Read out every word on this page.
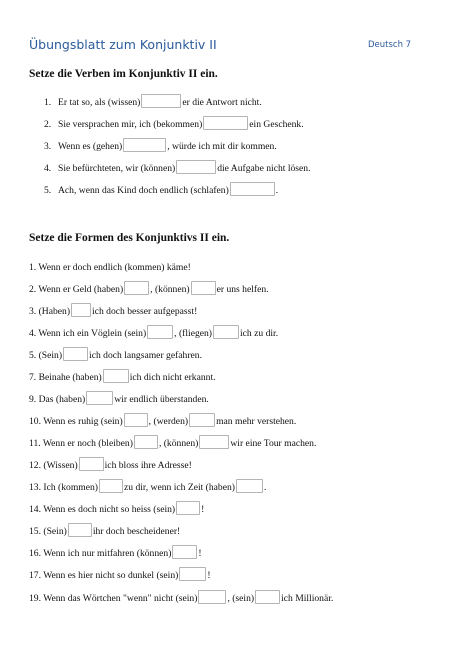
Übungsblatt zum Konjunktiv II	Deutsch 7
Setze die Verben im Konjunktiv II ein.
1. Er tat so, als (wissen)	er die Antwort nicht.
2. Sie versprachen mir, ich (bekommen)	ein Geschenk.
3. Wenn es (gehen)	, würde ich mit dir kommen.
4. Sie befürchteten, wir (können)	die Aufgabe nicht lösen.
5. Ach, wenn das Kind doch endlich (schlafen)	.
Setze die Formen des Konjunktivs II ein.
1. Wenn er doch endlich (kommen) käme!
2. Wenn er Geld (haben)	, (können)	er uns helfen.
3. (Haben) ich doch besser aufgepasst!
4. Wenn ich ein Vöglein (sein)	, (fliegen)	ich zu dir.
5. (Sein)	ich doch langsamer gefahren.
7. Beinahe (haben)	ich dich nicht erkannt.
9. Das (haben)	wir endlich überstanden.
10. Wenn es ruhig (sein)	, (werden)	man mehr verstehen.
11. Wenn er noch (bleiben)	, (können)	wir eine Tour machen.
12. (Wissen)	ich bloss ihre Adresse!
13. Ich (kommen)	zu dir, wenn ich Zeit (haben)	.
14. Wenn es doch nicht so heiss (sein)	!
15. (Sein)	ihr doch bescheidener!
16. Wenn ich nur mitfahren (können)	!
17. Wenn es hier nicht so dunkel (sein)	!
19. Wenn das Wörtchen "wenn" nicht (sein)	, (sein)	ich Millionär.
